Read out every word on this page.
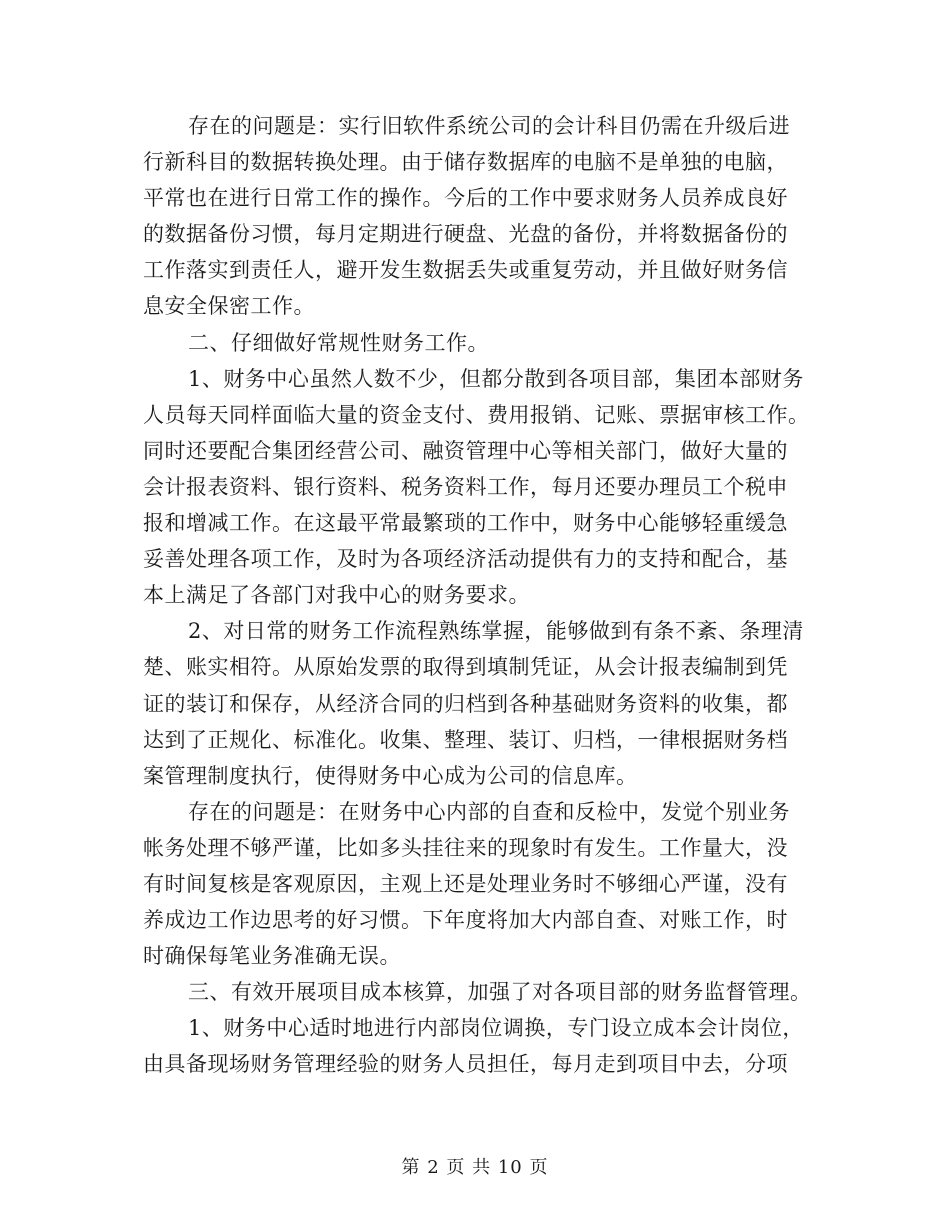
存在的问题是：实行旧软件系统公司的会计科目仍需在升级后进
行新科目的数据转换处理。由于储存数据库的电脑不是单独的电脑，
平常也在进行日常工作的操作。今后的工作中要求财务人员养成良好
的数据备份习惯，每月定期进行硬盘、光盘的备份，并将数据备份的
工作落实到责任人，避开发生数据丢失或重复劳动，并且做好财务信
息安全保密工作。
二、仔细做好常规性财务工作。
1、财务中心虽然人数不少，但都分散到各项目部，集团本部财务
人员每天同样面临大量的资金支付、费用报销、记账、票据审核工作。
同时还要配合集团经营公司、融资管理中心等相关部门，做好大量的
会计报表资料、银行资料、税务资料工作，每月还要办理员工个税申
报和增减工作。在这最平常最繁琐的工作中，财务中心能够轻重缓急
妥善处理各项工作，及时为各项经济活动提供有力的支持和配合，基
本上满足了各部门对我中心的财务要求。
2、对日常的财务工作流程熟练掌握，能够做到有条不紊、条理清
楚、账实相符。从原始发票的取得到填制凭证，从会计报表编制到凭
证的装订和保存，从经济合同的归档到各种基础财务资料的收集，都
达到了正规化、标准化。收集、整理、装订、归档，一律根据财务档
案管理制度执行，使得财务中心成为公司的信息库。
存在的问题是：在财务中心内部的自查和反检中，发觉个别业务
帐务处理不够严谨，比如多头挂往来的现象时有发生。工作量大，没
有时间复核是客观原因，主观上还是处理业务时不够细心严谨，没有
养成边工作边思考的好习惯。下年度将加大内部自查、对账工作，时
时确保每笔业务准确无误。
三、有效开展项目成本核算，加强了对各项目部的财务监督管理。
1、财务中心适时地进行内部岗位调换，专门设立成本会计岗位，
由具备现场财务管理经验的财务人员担任，每月走到项目中去，分项
第 2 页 共 10 页
